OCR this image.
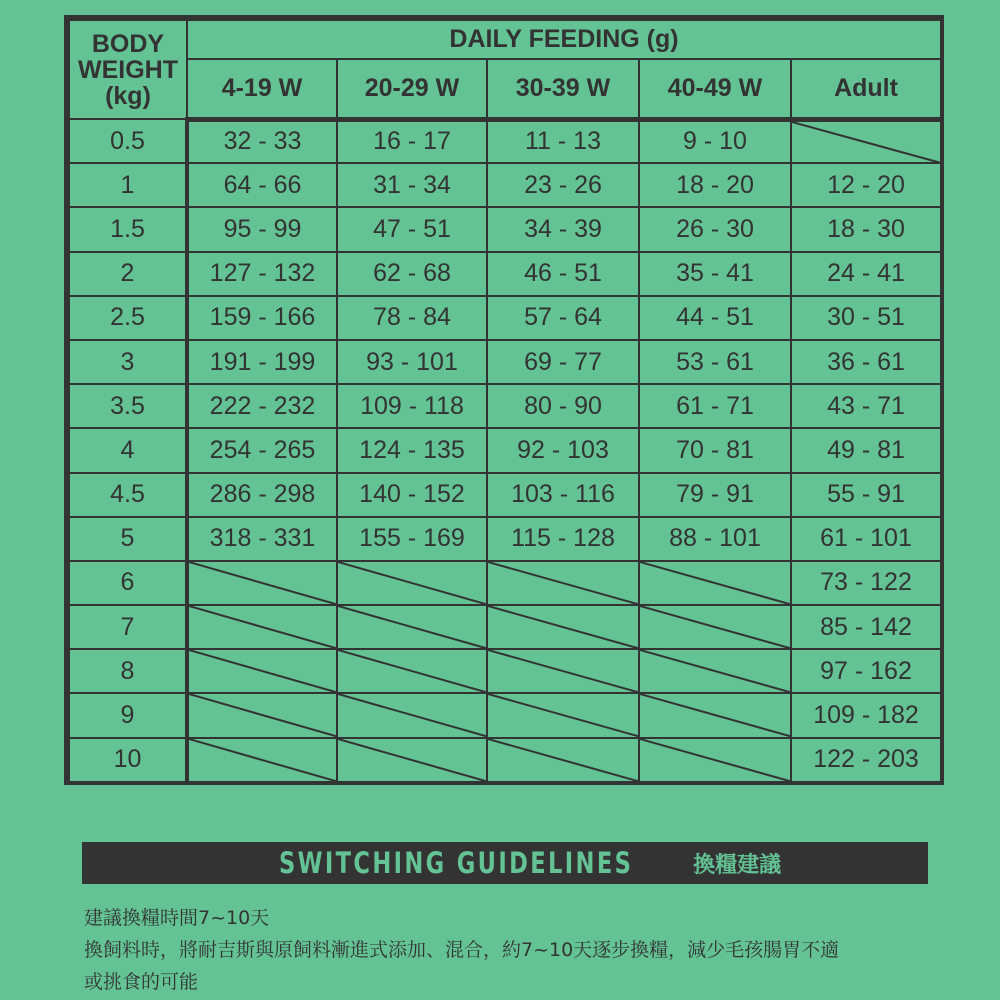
BODY
WEIGHT
(kg)	DAILY FEEDING (g)				
	4-19 W	20-29 W	30-39 W	40-49 W	Adult
0.5	32 - 33	16 - 17	11 - 13	9 - 10	

1	64 - 66	31 - 34	23 - 26	18 - 20	12 - 20
1.5	95 - 99	47 - 51	34 - 39	26 - 30	18 - 30
2	127 - 132	62 - 68	46 - 51	35 - 41	24 - 41
2.5	159 - 166	78 - 84	57 - 64	44 - 51	30 - 51
3	191 - 199	93 - 101	69 - 77	53 - 61	36 - 61
3.5	222 - 232	109 - 118	80 - 90	61 - 71	43 - 71
4	254 - 265	124 - 135	92 - 103	70 - 81	49 - 81
4.5	286 - 298	140 - 152	103 - 116	79 - 91	55 - 91
5	318 - 331	155 - 169	115 - 128	88 - 101	61 - 101
6					73 - 122
7					85 - 142
8					97 - 162
9					109 - 182
10					122 - 203
SWITCHING GUIDELINES	換糧建議

建議換糧時間7~10天

換飼料時，將耐吉斯與原飼料漸進式添加、混合，約7~10天逐步換糧，減少毛孩腸胃不適

或挑食的可能
